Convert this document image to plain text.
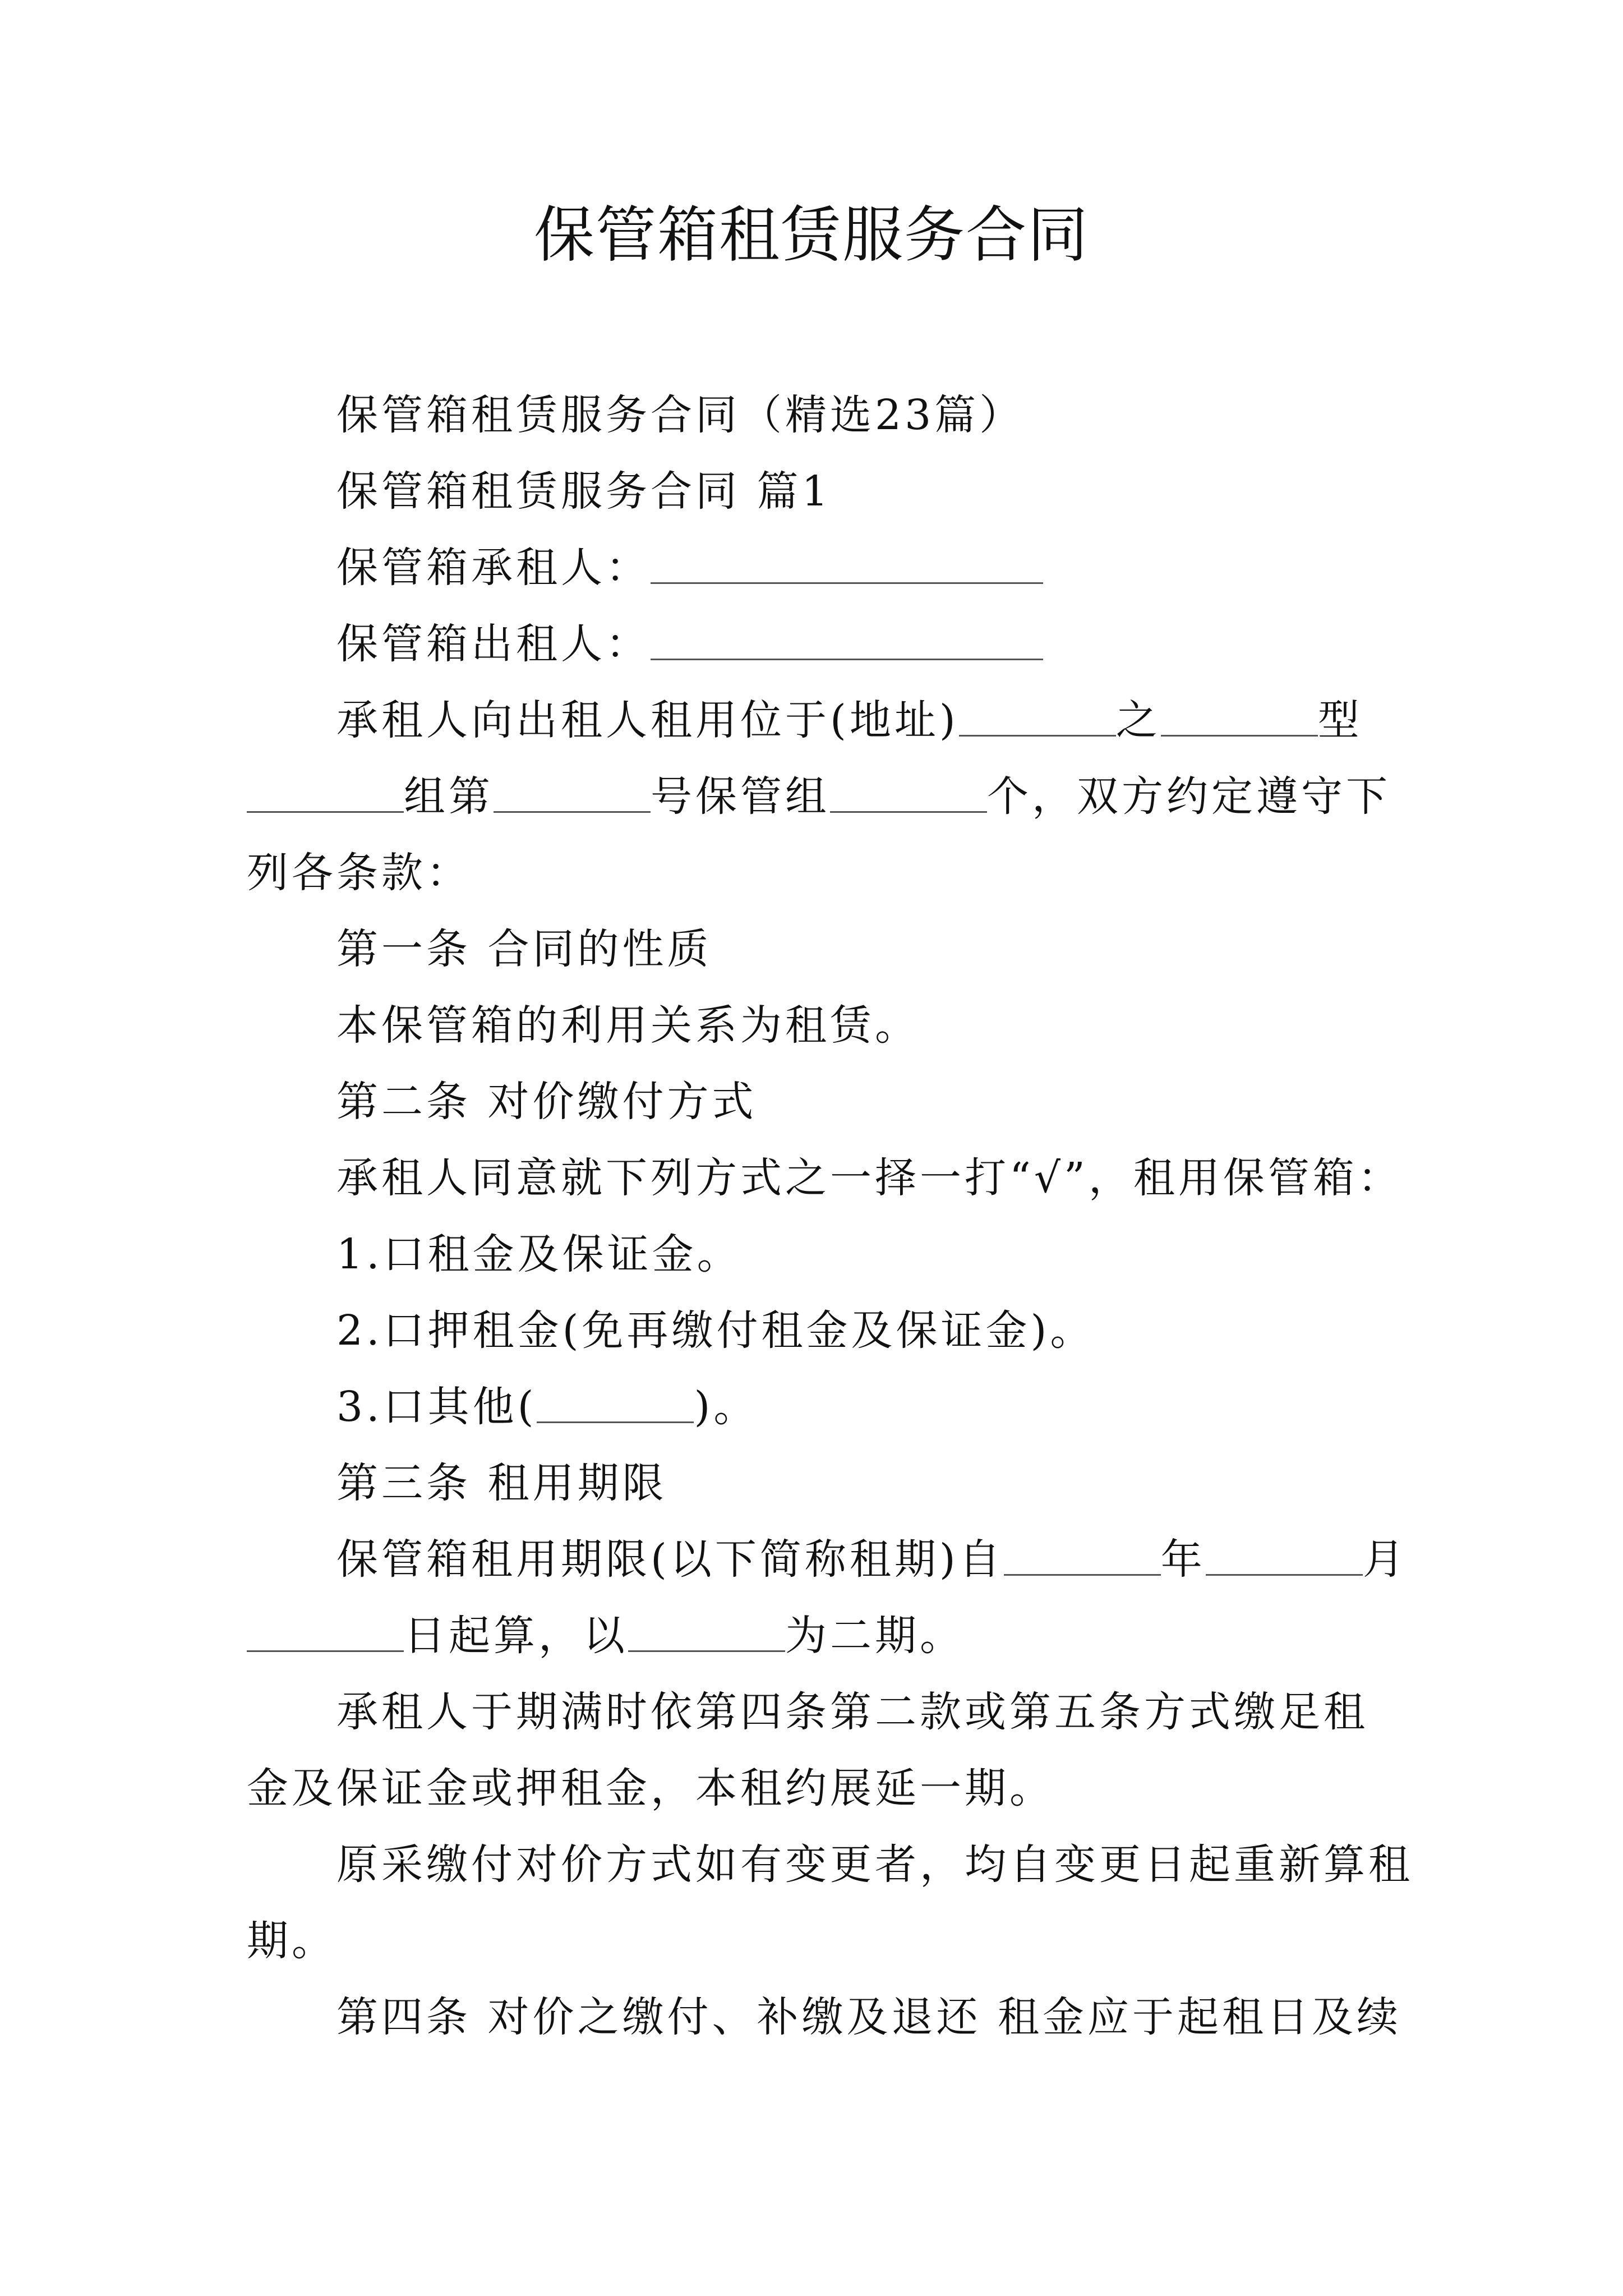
保管箱租赁服务合同
保管箱租赁服务合同（精选23篇）
保管箱租赁服务合同 篇1
保管箱承租人：
保管箱出租人：
承租人向出租人租用位于(地址)	之	型
组第	号保管组	个，双方约定遵守下
列各条款：
第一条 合同的性质
本保管箱的利用关系为租赁。
第二条 对价缴付方式
承租人同意就下列方式之一择一打“√”，租用保管箱：
1.口租金及保证金。
2.口押租金(免再缴付租金及保证金)。
3.口其他(	)。
第三条 租用期限
保管箱租用期限(以下简称租期)自	年	月
日起算，以	为二期。
承租人于期满时依第四条第二款或第五条方式缴足租
金及保证金或押租金，本租约展延一期。
原采缴付对价方式如有变更者，均自变更日起重新算租
期。
第四条 对价之缴付、补缴及退还 租金应于起租日及续
